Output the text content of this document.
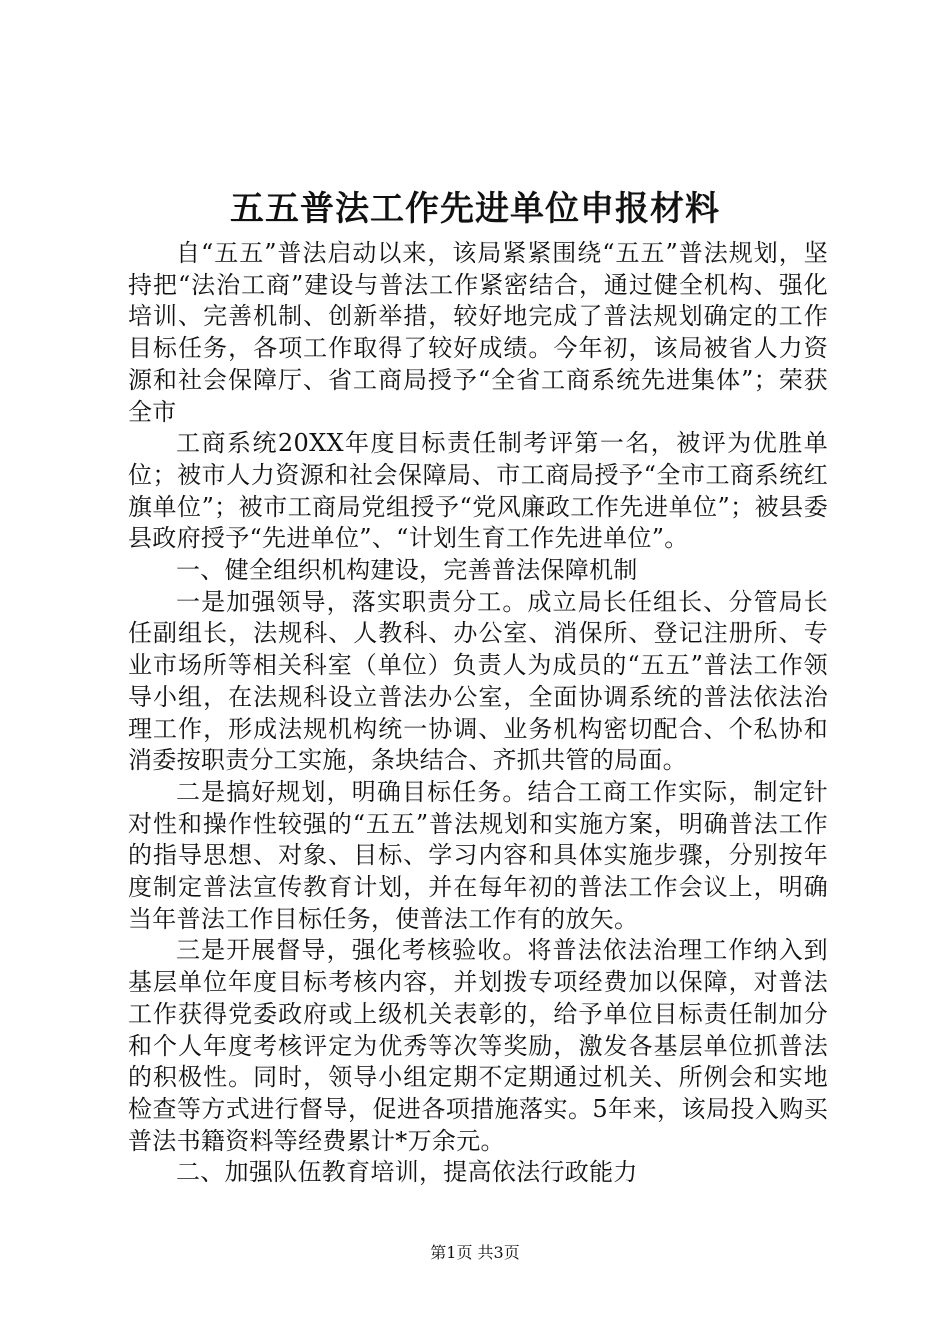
五五普法工作先进单位申报材料

自“五五”普法启动以来，该局紧紧围绕“五五”普法规划，坚持把“法治工商”建设与普法工作紧密结合，通过健全机构、强化培训、完善机制、创新举措，较好地完成了普法规划确定的工作目标任务，各项工作取得了较好成绩。今年初，该局被省人力资源和社会保障厅、省工商局授予“全省工商系统先进集体”；荣获全市

工商系统20XX年度目标责任制考评第一名，被评为优胜单位；被市人力资源和社会保障局、市工商局授予“全市工商系统红旗单位”；被市工商局党组授予“党风廉政工作先进单位”；被县委县政府授予“先进单位”、“计划生育工作先进单位”。

一、健全组织机构建设，完善普法保障机制

一是加强领导，落实职责分工。成立局长任组长、分管局长任副组长，法规科、人教科、办公室、消保所、登记注册所、专业市场所等相关科室（单位）负责人为成员的“五五”普法工作领导小组，在法规科设立普法办公室，全面协调系统的普法依法治理工作，形成法规机构统一协调、业务机构密切配合、个私协和消委按职责分工实施，条块结合、齐抓共管的局面。

二是搞好规划，明确目标任务。结合工商工作实际，制定针对性和操作性较强的“五五”普法规划和实施方案，明确普法工作的指导思想、对象、目标、学习内容和具体实施步骤，分别按年度制定普法宣传教育计划，并在每年初的普法工作会议上，明确当年普法工作目标任务，使普法工作有的放矢。

三是开展督导，强化考核验收。将普法依法治理工作纳入到基层单位年度目标考核内容，并划拨专项经费加以保障，对普法工作获得党委政府或上级机关表彰的，给予单位目标责任制加分和个人年度考核评定为优秀等次等奖励，激发各基层单位抓普法的积极性。同时，领导小组定期不定期通过机关、所例会和实地检查等方式进行督导，促进各项措施落实。5年来，该局投入购买普法书籍资料等经费累计*万余元。

二、加强队伍教育培训，提高依法行政能力

第1页 共3页
